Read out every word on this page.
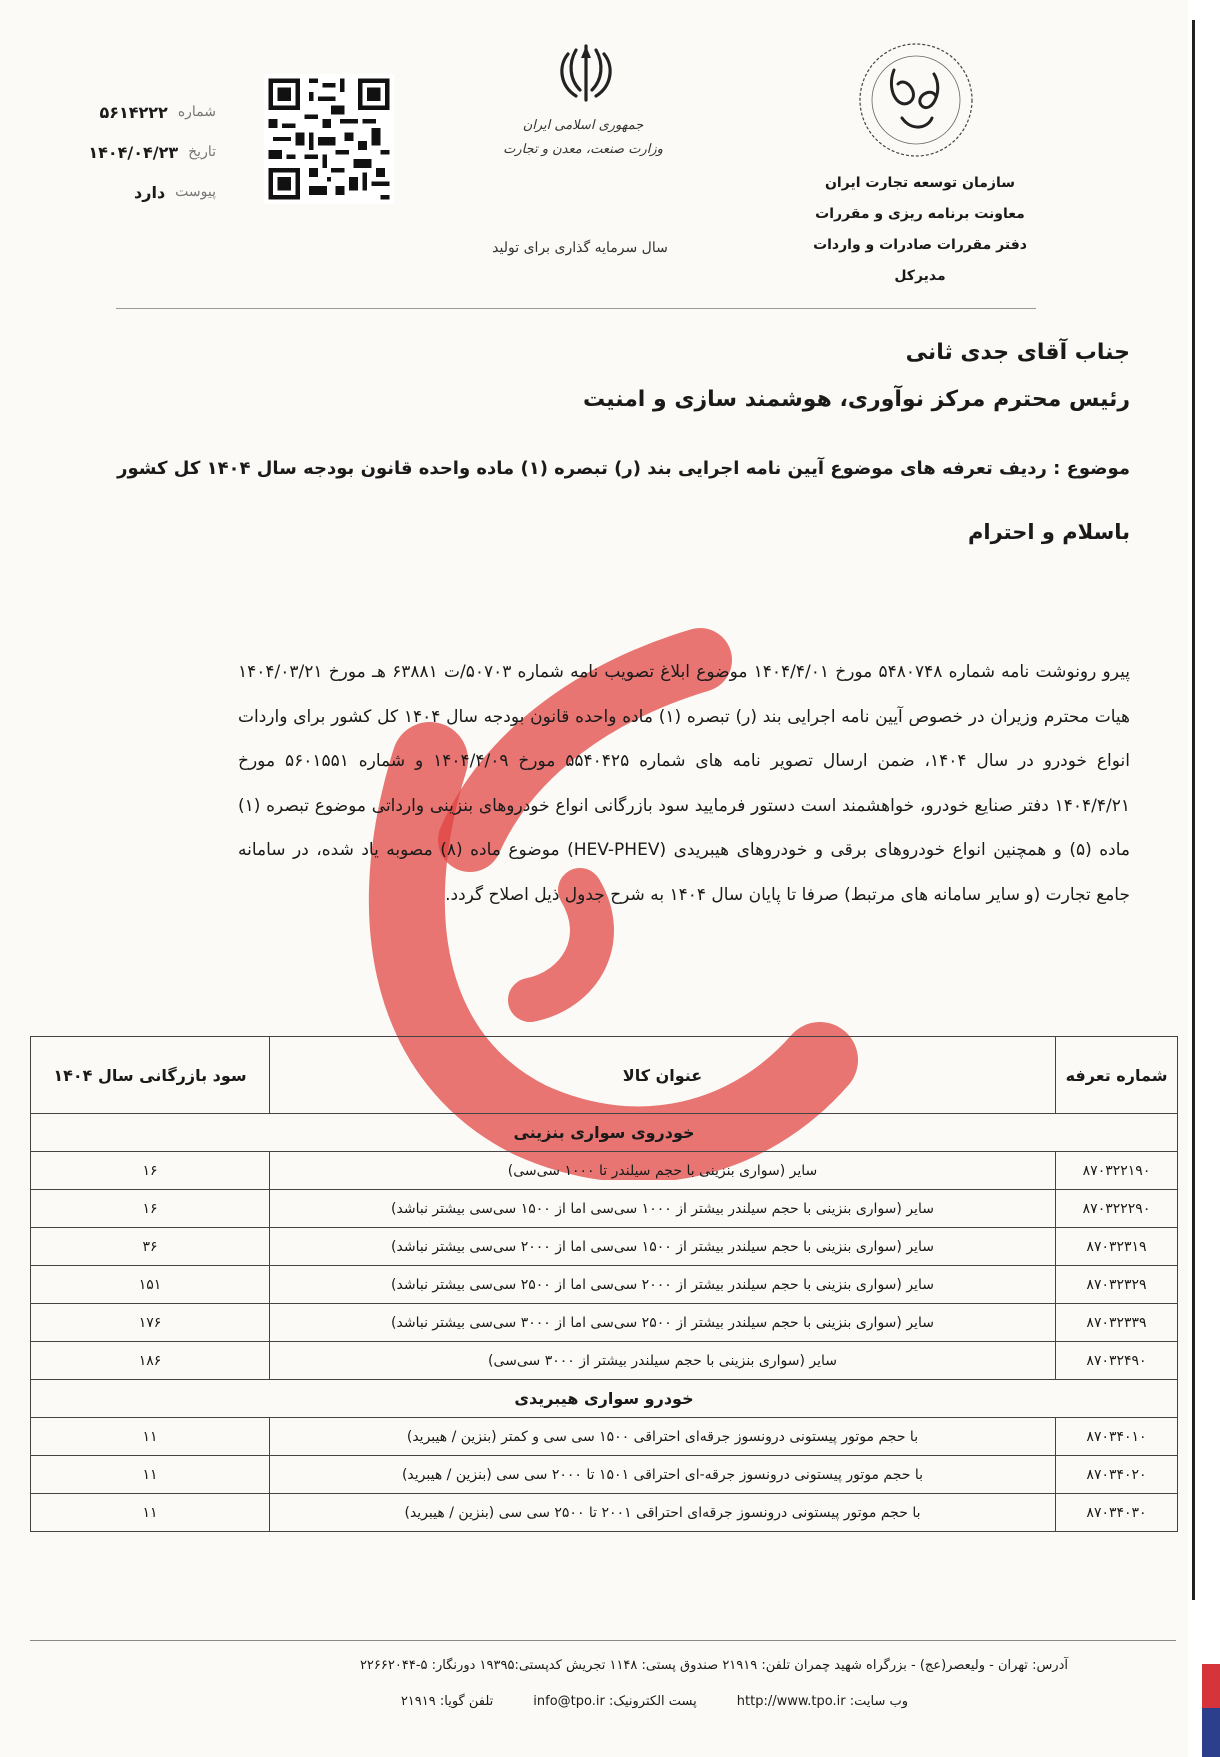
شماره
۵۶۱۴۲۲۲
تاریخ
۱۴۰۴/۰۴/۲۳
پیوست
دارد
جمهوری اسلامی ایران
وزارت صنعت، معدن و تجارت
سال سرمایه گذاری برای تولید
سازمان توسعه تجارت ایران
معاونت برنامه ریزی و مقررات
دفتر مقررات صادرات و واردات
مدیرکل
جناب آقای جدی ثانی
رئیس محترم مرکز نوآوری، هوشمند سازی و امنیت
موضوع : ردیف تعرفه های موضوع آیین نامه اجرایی بند (ر) تبصره (۱) ماده واحده قانون بودجه سال ۱۴۰۴ کل کشور
باسلام و احترام
پیرو رونوشت نامه شماره ۵۴۸۰۷۴۸ مورخ ۱۴۰۴/۴/۰۱ موضوع ابلاغ تصویب نامه شماره ۵۰۷۰۳/ت ۶۳۸۸۱ هـ مورخ ۱۴۰۴/۰۳/۲۱ هیات محترم وزیران در خصوص آیین نامه اجرایی بند (ر) تبصره (۱) ماده واحده قانون بودجه سال ۱۴۰۴ کل کشور برای واردات انواع خودرو در سال ۱۴۰۴، ضمن ارسال تصویر نامه های شماره ۵۵۴۰۴۲۵ مورخ ۱۴۰۴/۴/۰۹ و شماره ۵۶۰۱۵۵۱ مورخ ۱۴۰۴/۴/۲۱ دفتر صنایع خودرو، خواهشمند است دستور فرمایید سود بازرگانی انواع خودروهای بنزینی وارداتی موضوع تبصره (۱) ماده (۵) و همچنین انواع خودروهای برقی و خودروهای هیبریدی (HEV-PHEV) موضوع ماده (۸) مصوبه یاد شده، در سامانه جامع تجارت (و سایر سامانه های مرتبط) صرفا تا پایان سال ۱۴۰۴ به شرح جدول ذیل اصلاح گردد.
شماره تعرفه	عنوان کالا	سود بازرگانی سال ۱۴۰۴
خودروی سواری بنزینی		
۸۷۰۳۲۲۱۹۰	سایر (سواری بنزینی با حجم سیلندر تا ۱۰۰۰ سی‌سی)	۱۶
۸۷۰۳۲۲۲۹۰	سایر (سواری بنزینی با حجم سیلندر بیشتر از ۱۰۰۰ سی‌سی اما از ۱۵۰۰ سی‌سی بیشتر نباشد)	۱۶
۸۷۰۳۲۳۱۹	سایر (سواری بنزینی با حجم سیلندر بیشتر از ۱۵۰۰ سی‌سی اما از ۲۰۰۰ سی‌سی بیشتر نباشد)	۳۶
۸۷۰۳۲۳۲۹	سایر (سواری بنزینی با حجم سیلندر بیشتر از ۲۰۰۰ سی‌سی اما از ۲۵۰۰ سی‌سی بیشتر نباشد)	۱۵۱
۸۷۰۳۲۳۳۹	سایر (سواری بنزینی با حجم سیلندر بیشتر از ۲۵۰۰ سی‌سی اما از ۳۰۰۰ سی‌سی بیشتر نباشد)	۱۷۶
۸۷۰۳۲۴۹۰	سایر (سواری بنزینی با حجم سیلندر بیشتر از ۳۰۰۰ سی‌سی)	۱۸۶
خودرو سواری هیبریدی		
۸۷۰۳۴۰۱۰	با حجم موتور پیستونی درونسوز جرقه‌ای احتراقی ۱۵۰۰ سی سی و کمتر (بنزین / هیبرید)	۱۱
۸۷۰۳۴۰۲۰	با حجم موتور پیستونی درونسوز جرقه-ای احتراقی ۱۵۰۱ تا ۲۰۰۰ سی سی (بنزین / هیبرید)	۱۱
۸۷۰۳۴۰۳۰	با حجم موتور پیستونی درونسوز جرقه‌ای احتراقی ۲۰۰۱ تا ۲۵۰۰ سی سی (بنزین / هیبرید)	۱۱
آدرس: تهران - ولیعصر(عج) - بزرگراه شهید چمران تلفن: ۲۱۹۱۹ صندوق پستی: ۱۱۴۸ تجریش کدپستی:۱۹۳۹۵ دورنگار: ۵-۲۲۶۶۲۰۴۴
وب سایت: http://www.tpo.ir
پست الکترونیک: info@tpo.ir
تلفن گویا: ۲۱۹۱۹
